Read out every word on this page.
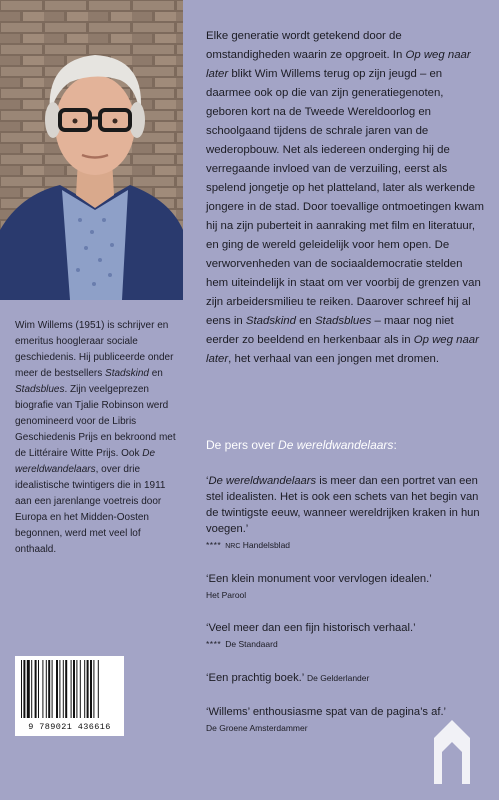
Wim Willems (1951) is schrijver en emeritus hoogleraar sociale geschiedenis. Hij publiceerde onder meer de bestsellers Stadskind en Stadsblues. Zijn veelgeprezen biografie van Tjalie Robinson werd genomineerd voor de Libris Geschiedenis Prijs en bekroond met de Littéraire Witte Prijs. Ook De wereldwandelaars, over drie idealistische twintigers die in 1911 aan een jarenlange voetreis door Europa en het Midden-Oosten begonnen, werd met veel lof onthaald.

Elke generatie wordt getekend door de omstandigheden waarin ze opgroeit. In Op weg naar later blikt Wim Willems terug op zijn jeugd – en daarmee ook op die van zijn generatiegenoten, geboren kort na de Tweede Wereldoorlog en schoolgaand tijdens de schrale jaren van de wederopbouw. Net als iedereen onderging hij de verregaande invloed van de verzuiling, eerst als spelend jongetje op het platteland, later als werkende jongere in de stad. Door toevallige ontmoetingen kwam hij na zijn puberteit in aanraking met film en literatuur, en ging de wereld geleidelijk voor hem open. De verworvenheden van de sociaaldemocratie stelden hem uiteindelijk in staat om ver voorbij de grenzen van zijn arbeidersmilieu te reiken. Daarover schreef hij al eens in Stadskind en Stadsblues – maar nog niet eerder zo beeldend en herkenbaar als in Op weg naar later, het verhaal van een jongen met dromen.

De pers over De wereldwandelaars:

‘De wereldwandelaars is meer dan een portret van een stel idealisten. Het is ook een schets van het begin van de twintigste eeuw, wanneer wereldrijken kraken in hun voegen.’
**** NRC Handelsblad

‘Een klein monument voor vervlogen idealen.’
Het Parool

‘Veel meer dan een fijn historisch verhaal.’
**** De Standaard

‘Een prachtig boek.’ De Gelderlander

‘Willems’ enthousiasme spat van de pagina’s af.’
De Groene Amsterdammer

9 789021 436616
